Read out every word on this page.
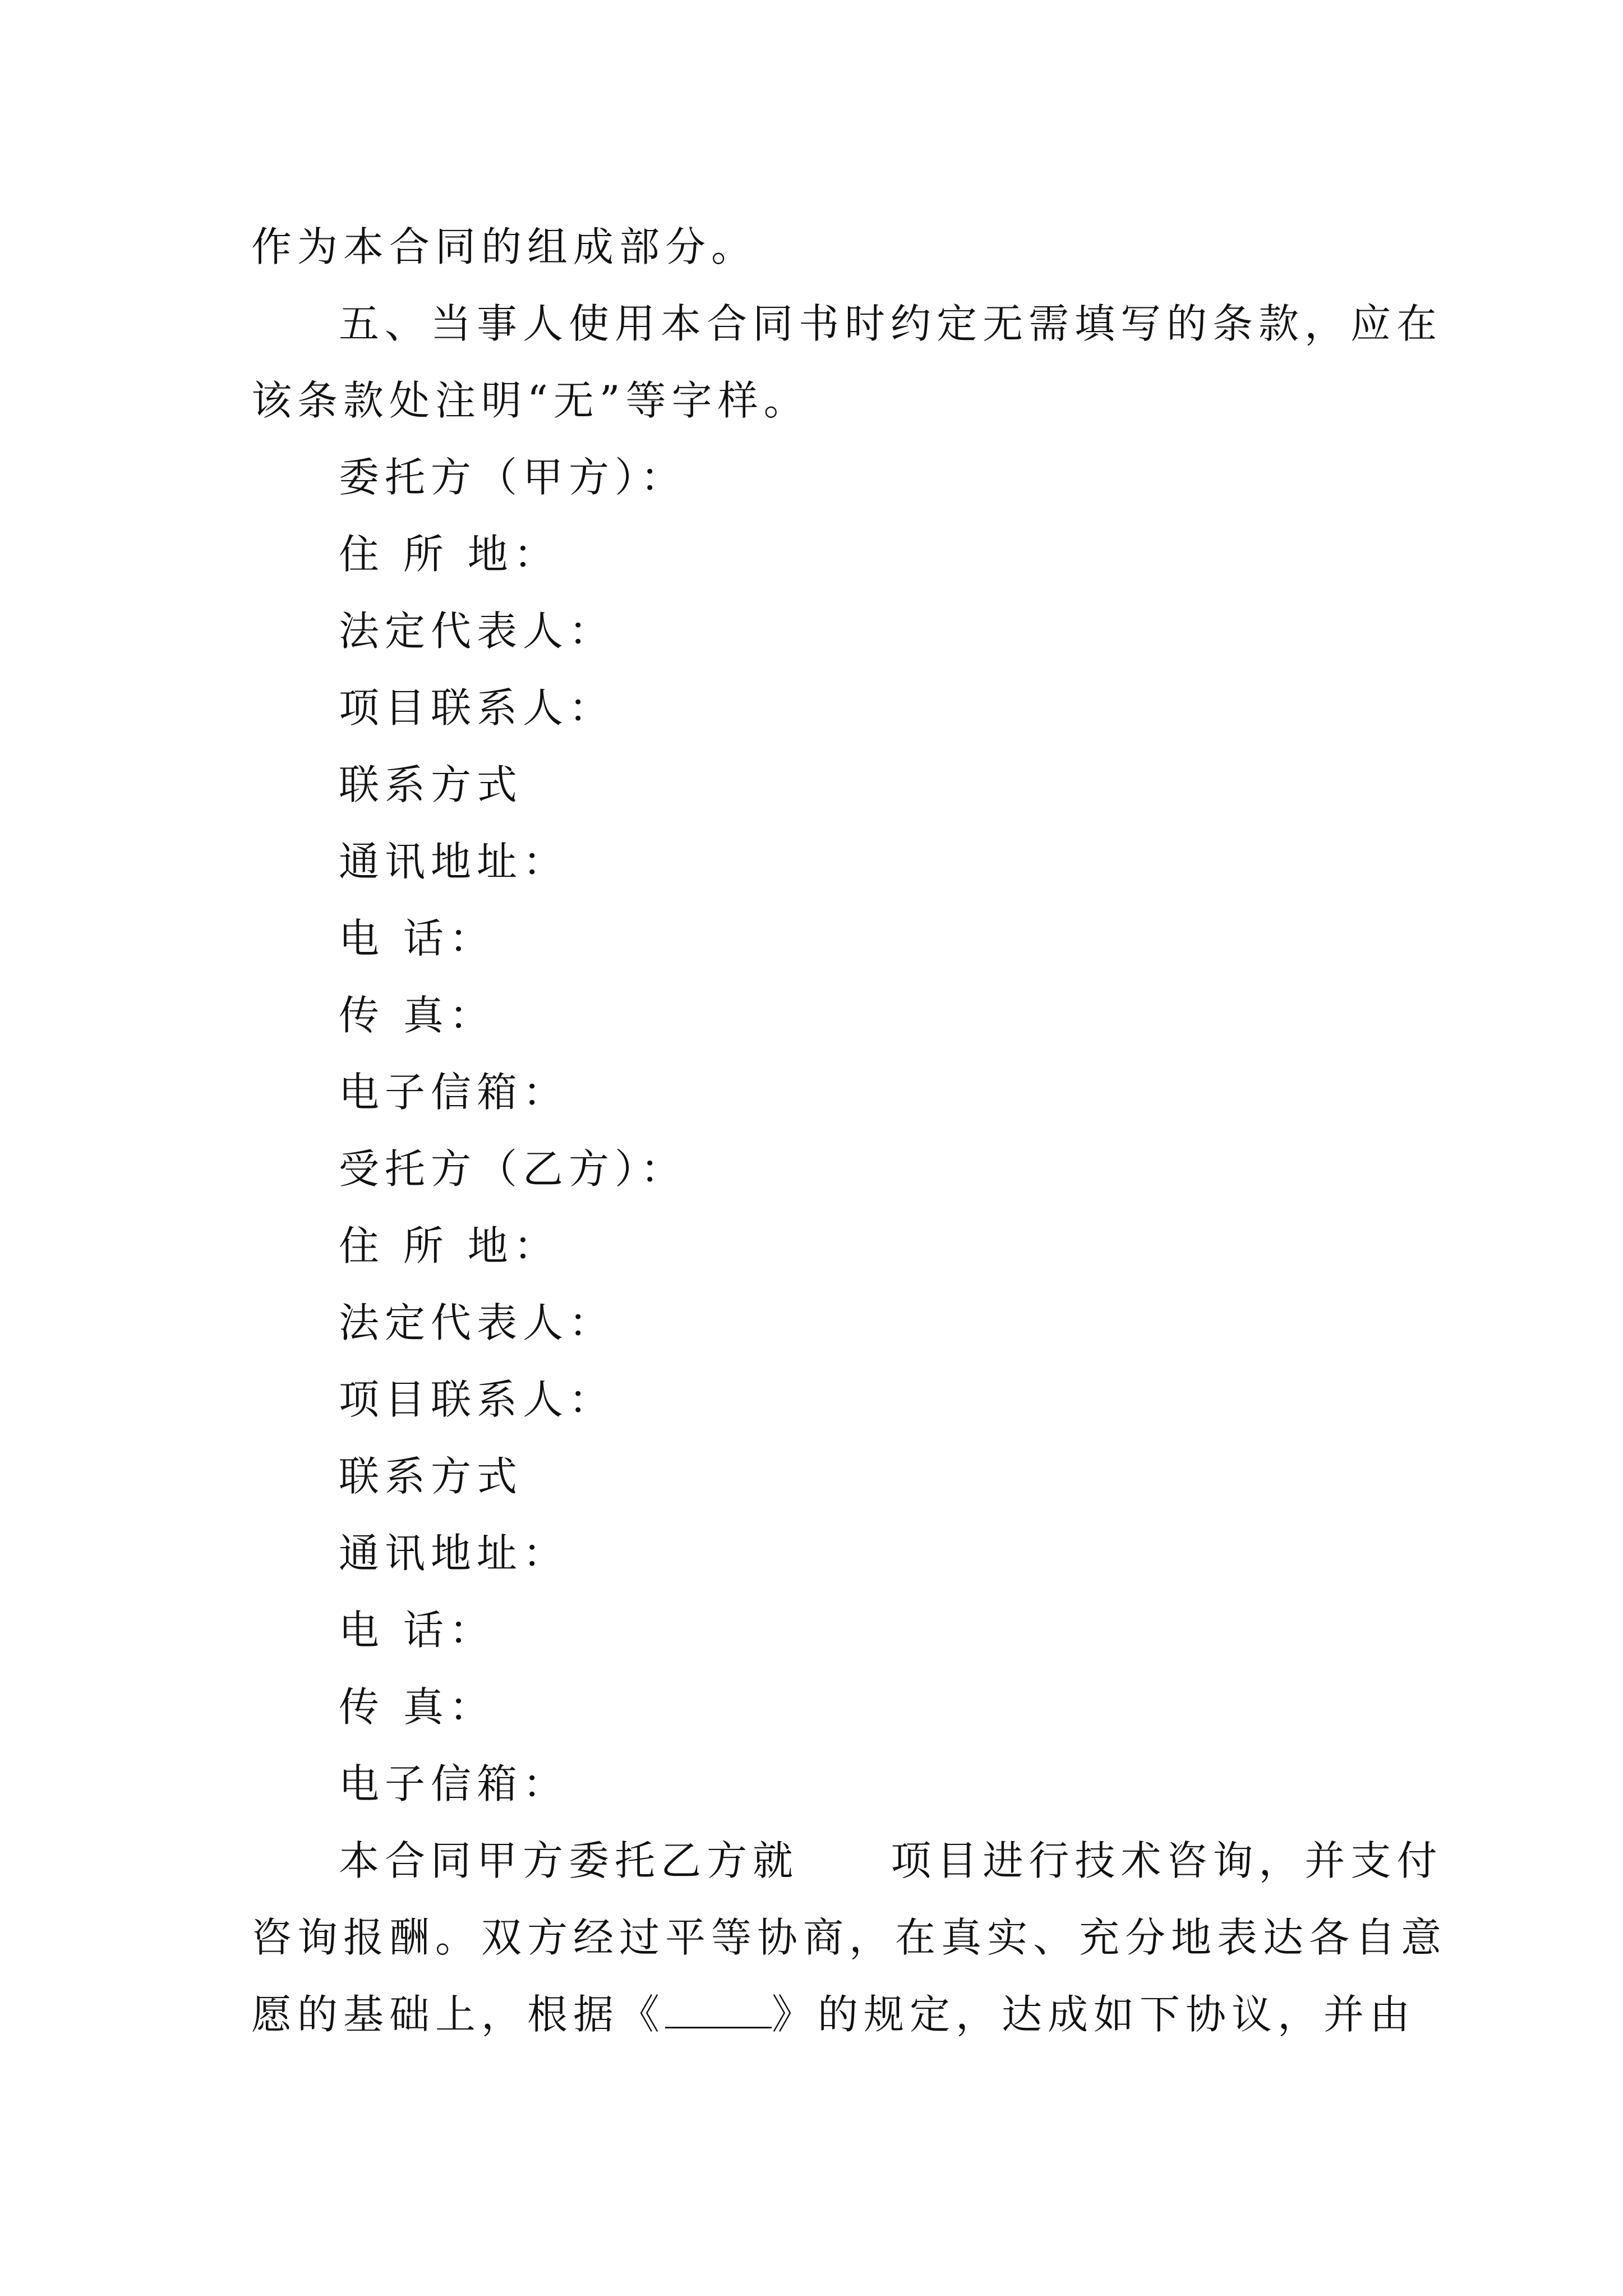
作为本合同的组成部分。
五、当事人使用本合同书时约定无需填写的条款，应在
该条款处注明“无”等字样。
委托方（甲方）：
住 所 地：
法定代表人：
项目联系人：
联系方式
通讯地址：
电 话：
传 真：
电子信箱：
受托方（乙方）：
住 所 地：
法定代表人：
项目联系人：
联系方式
通讯地址：
电 话：
传 真：
电子信箱：
本合同甲方委托乙方就     项目进行技术咨询，并支付
咨询报酬。双方经过平等协商，在真实、充分地表达各自意
愿的基础上，根据《	》的规定，达成如下协议，并由
